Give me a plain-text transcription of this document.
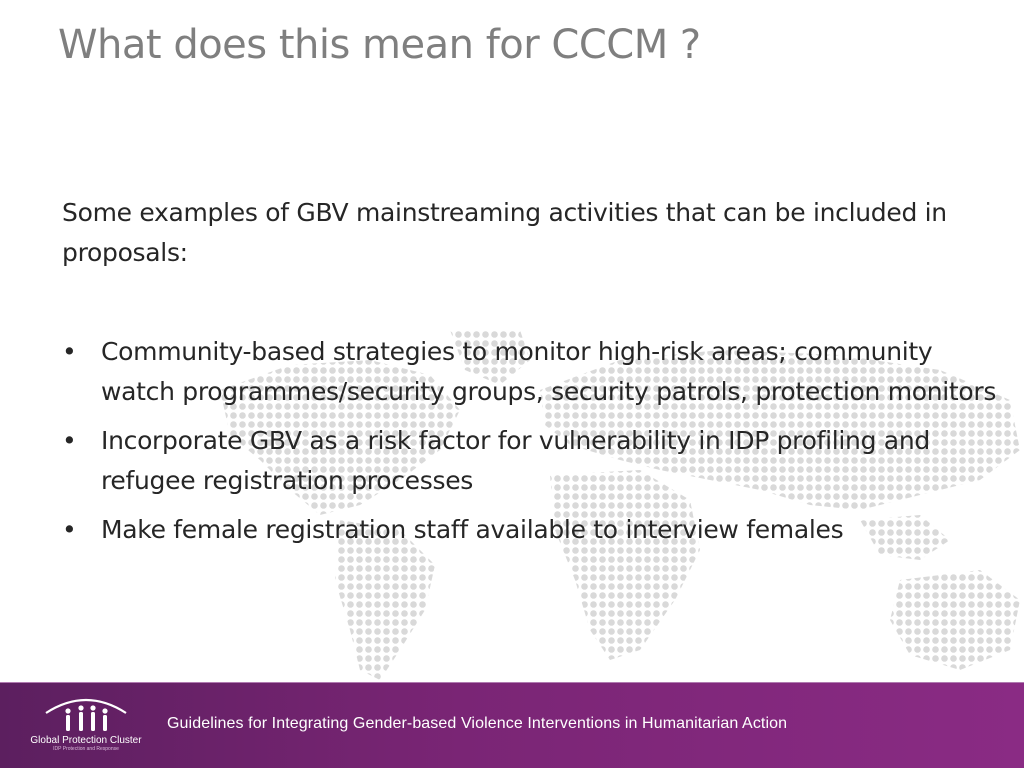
What does this mean for CCCM ?

Some examples of GBV mainstreaming activities that can be included in proposals:

• Community-based strategies to monitor high-risk areas; community watch programmes/security groups, security patrols, protection monitors
• Incorporate GBV as a risk factor for vulnerability in IDP profiling and refugee registration processes
• Make female registration staff available to interview females
Global Protection Cluster
IDP Protection and Response
Guidelines for Integrating Gender-based Violence Interventions in Humanitarian Action
